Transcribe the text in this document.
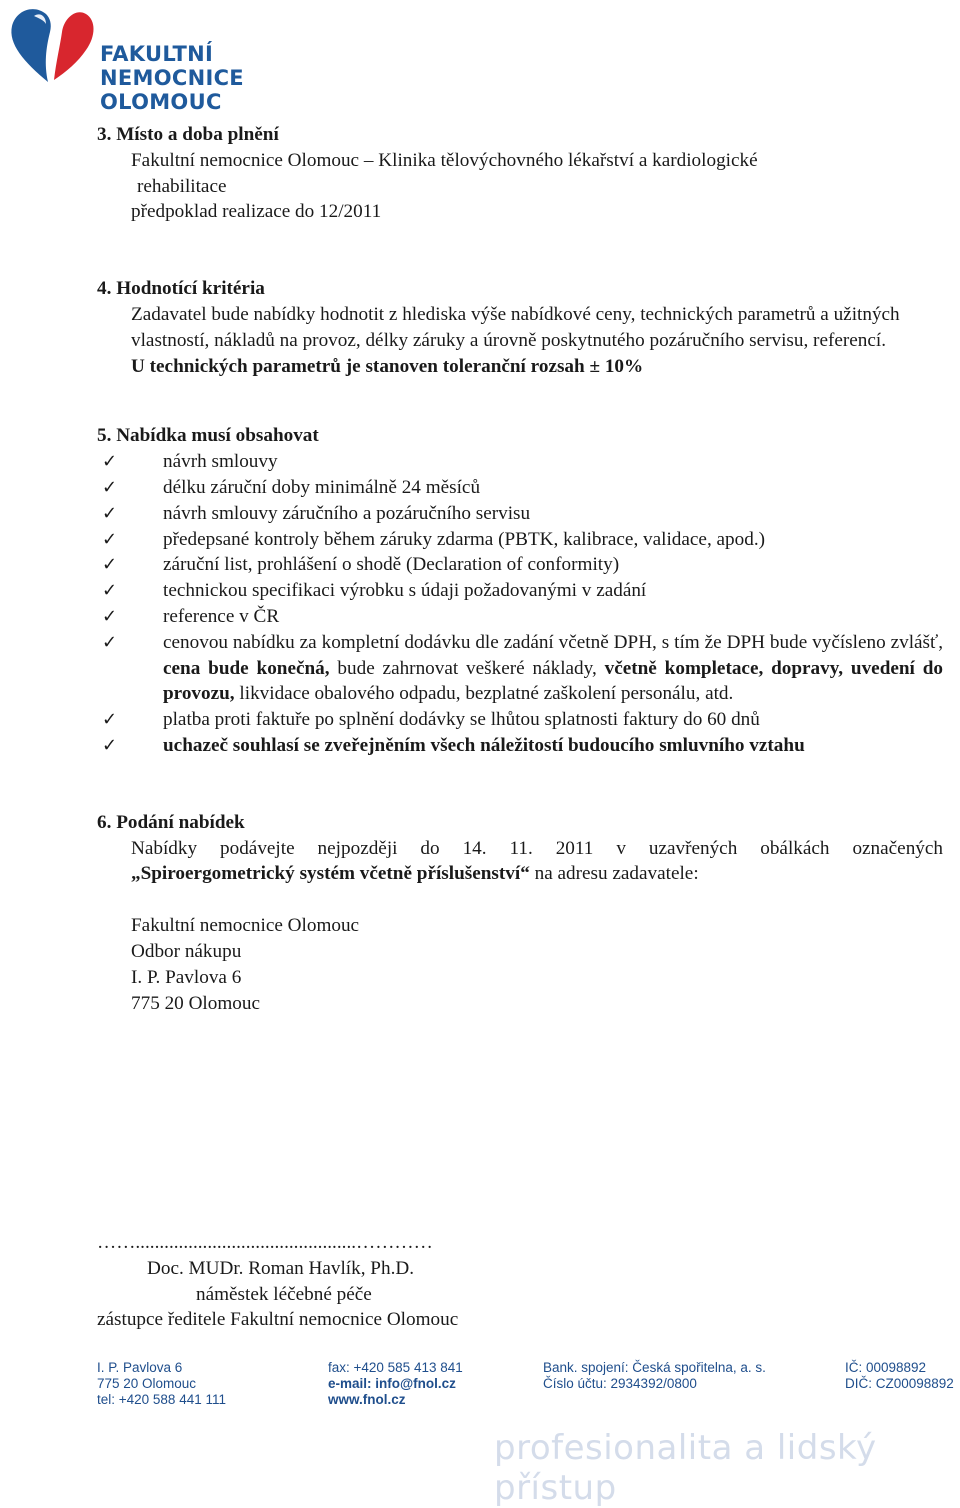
FAKULTNÍ NEMOCNICE
OLOMOUC
3. Místo a doba plnění
Fakultní nemocnice Olomouc – Klinika tělovýchovného lékařství a kardiologické
rehabilitace
předpoklad realizace do 12/2011
4. Hodnotící kritéria
Zadavatel bude nabídky hodnotit z hlediska výše nabídkové ceny, technických parametrů a užitných vlastností, nákladů na provoz, délky záruky a úrovně poskytnutého pozáručního servisu, referencí.
U technických parametrů je stanoven toleranční rozsah ± 10%
5. Nabídka musí obsahovat
✓ návrh smlouvy
✓ délku záruční doby minimálně 24 měsíců
✓ návrh smlouvy záručního a pozáručního servisu
✓ předepsané kontroly během záruky zdarma (PBTK, kalibrace, validace, apod.)
✓ záruční list, prohlášení o shodě (Declaration of conformity)
✓ technickou specifikaci výrobku s údaji požadovanými v zadání
✓ reference v ČR
✓ cenovou nabídku za kompletní dodávku dle zadání včetně DPH, s tím že DPH bude vyčísleno zvlášť, cena bude konečná, bude zahrnovat veškeré náklady, včetně kompletace, dopravy, uvedení do provozu, likvidace obalového odpadu, bezplatné zaškolení personálu, atd.
✓ platba proti faktuře po splnění dodávky se lhůtou splatnosti faktury do 60 dnů
✓ uchazeč souhlasí se zveřejněním všech náležitostí budoucího smluvního vztahu
6. Podání nabídek
Nabídky podávejte nejpozději do 14. 11. 2011 v uzavřených obálkách označených
„Spiroergometrický systém včetně příslušenství“ na adresu zadavatele:
Fakultní nemocnice Olomouc
Odbor nákupu
I. P. Pavlova 6
775 20 Olomouc
……..............................................…………
Doc. MUDr. Roman Havlík, Ph.D.
náměstek léčebné péče
zástupce ředitele Fakultní nemocnice Olomouc
I. P. Pavlova 6
775 20 Olomouc
tel: +420 588 441 111
fax: +420 585 413 841
e-mail: info@fnol.cz
www.fnol.cz
Bank. spojení: Česká spořitelna, a. s.
Číslo účtu: 2934392/0800
IČ: 00098892
DIČ: CZ00098892
profesionalita a lidský přístup
